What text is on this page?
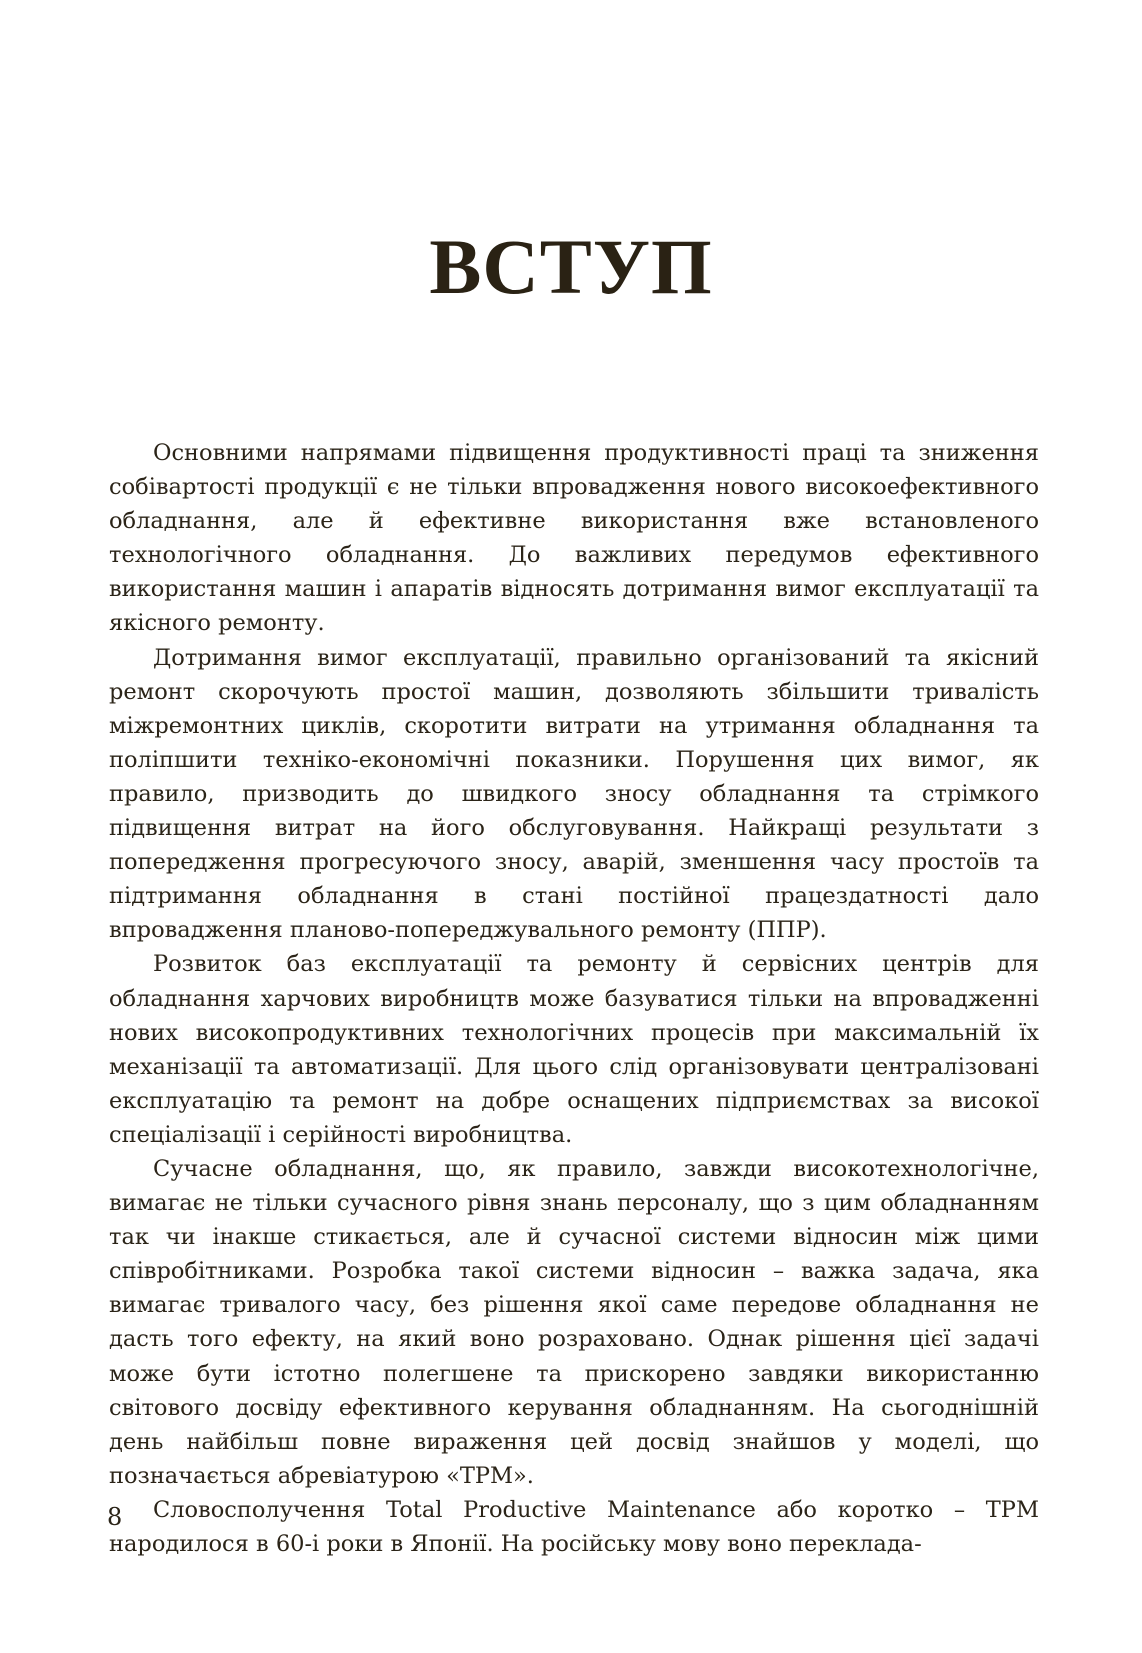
ВСТУП

Основними напрямами підвищення продуктивності праці та зниження собівартості продукції є не тільки впровадження нового високоефективного обладнання, але й ефективне використання вже встановленого технологічного обладнання. До важливих передумов ефективного використання машин і апаратів відносять дотримання вимог експлуатації та якісного ремонту.

Дотримання вимог експлуатації, правильно організований та якісний ремонт скорочують простої машин, дозволяють збільшити тривалість міжремонтних циклів, скоротити витрати на утримання обладнання та поліпшити техніко-економічні показники. Порушення цих вимог, як правило, призводить до швидкого зносу обладнання та стрімкого підвищення витрат на його обслуговування. Найкращі результати з попередження прогресуючого зносу, аварій, зменшення часу простоїв та підтримання обладнання в стані постійної працездатності дало впровадження планово-попереджувального ремонту (ППР).

Розвиток баз експлуатації та ремонту й сервісних центрів для обладнання харчових виробництв може базуватися тільки на впровадженні нових високопродуктивних технологічних процесів при максимальній їх механізації та автоматизації. Для цього слід організовувати централізовані експлуатацію та ремонт на добре оснащених підприємствах за високої спеціалізації і серійності виробництва.

Сучасне обладнання, що, як правило, завжди високотехнологічне, вимагає не тільки сучасного рівня знань персоналу, що з цим обладнанням так чи інакше стикається, але й сучасної системи відносин між цими співробітниками. Розробка такої системи відносин – важка задача, яка вимагає тривалого часу, без рішення якої саме передове обладнання не дасть того ефекту, на який воно розраховано. Однак рішення цієї задачі може бути істотно полегшене та прискорено завдяки використанню світового досвіду ефективного керування обладнанням. На сьогоднішній день найбільш повне вираження цей досвід знайшов у моделі, що позначається абревіатурою «ТРМ».

Словосполучення Total Productive Maintenance або коротко – ТРМ народилося в 60-і роки в Японії. На російську мову воно переклада-

8
